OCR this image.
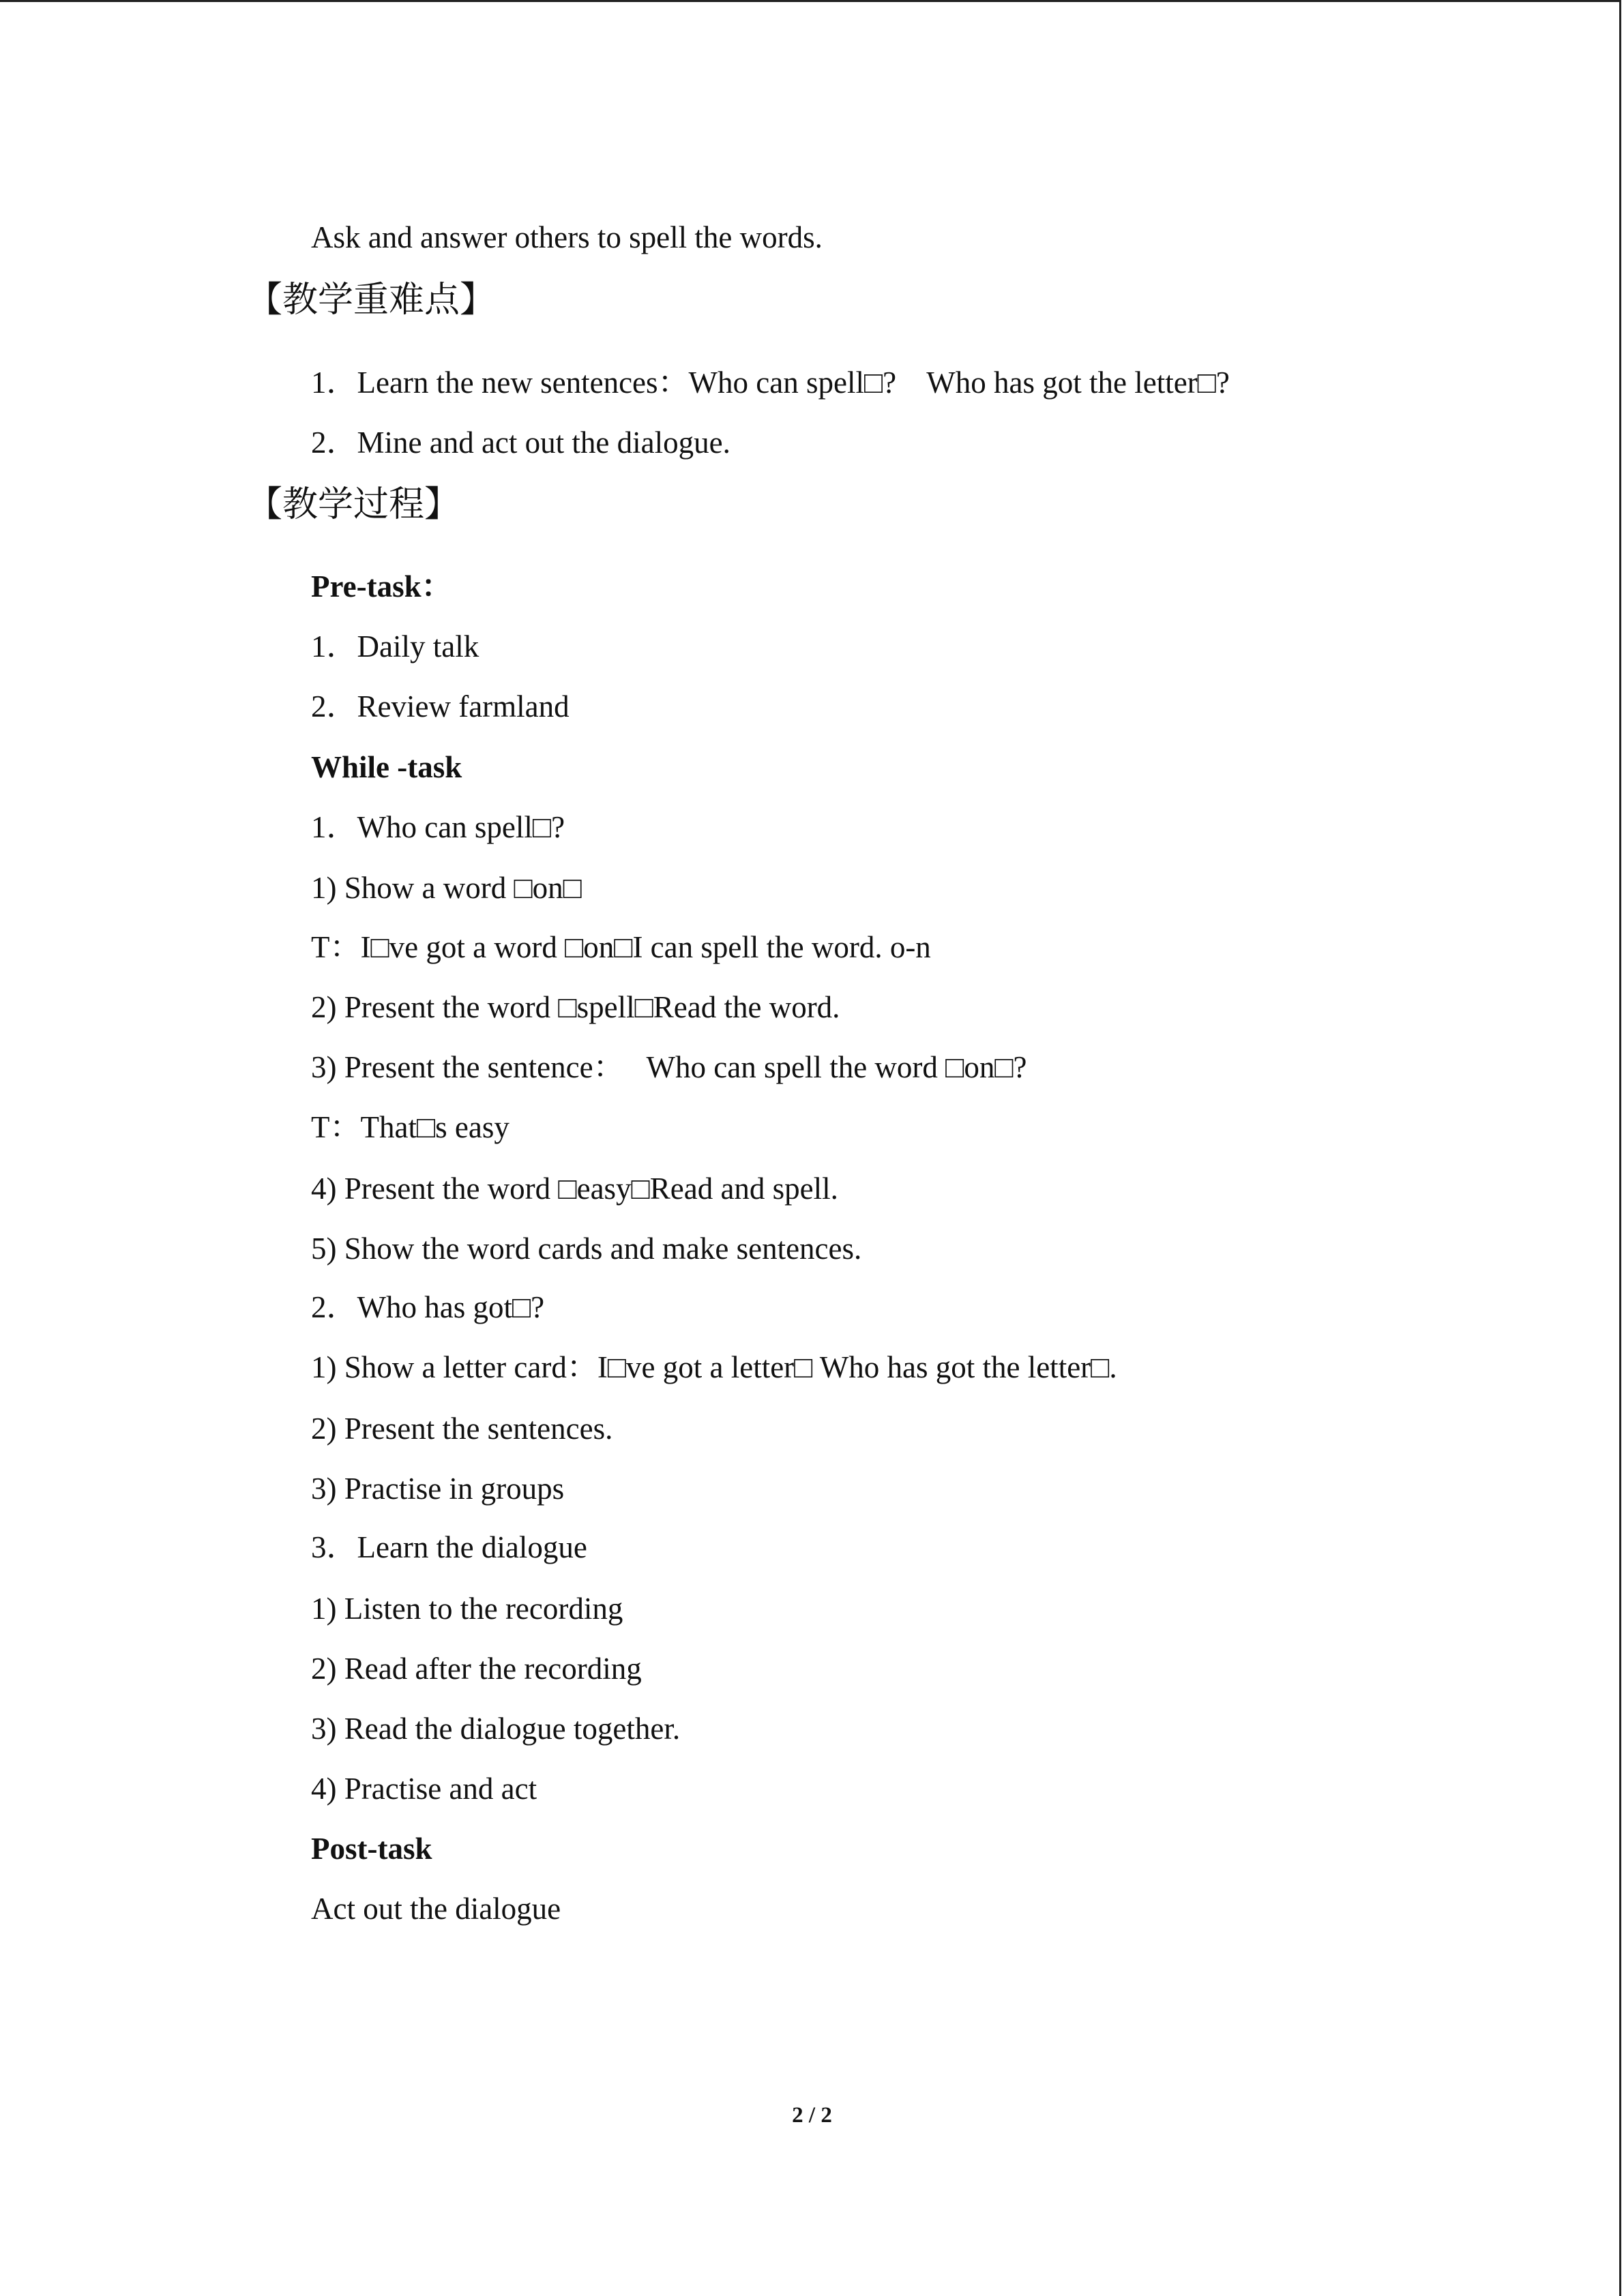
Ask and answer others to spell the words.
【教学重难点】
1．Learn the new sentences：Who can spell□?    Who has got the letter□?
2．Mine and act out the dialogue.
【教学过程】
Pre-task：
1．Daily talk
2．Review farmland
While -task
1．Who can spell□?
1) Show a word □on□
T：I□ve got a word □on□I can spell the word. o-n
2) Present the word □spell□Read the word.
3) Present the sentence：   Who can spell the word □on□?
T：That□s easy
4) Present the word □easy□Read and spell.
5) Show the word cards and make sentences.
2．Who has got□?
1) Show a letter card：I□ve got a letter□ Who has got the letter□.
2) Present the sentences.
3) Practise in groups
3．Learn the dialogue
1) Listen to the recording
2) Read after the recording
3) Read the dialogue together.
4) Practise and act
Post-task
Act out the dialogue
2 / 2
